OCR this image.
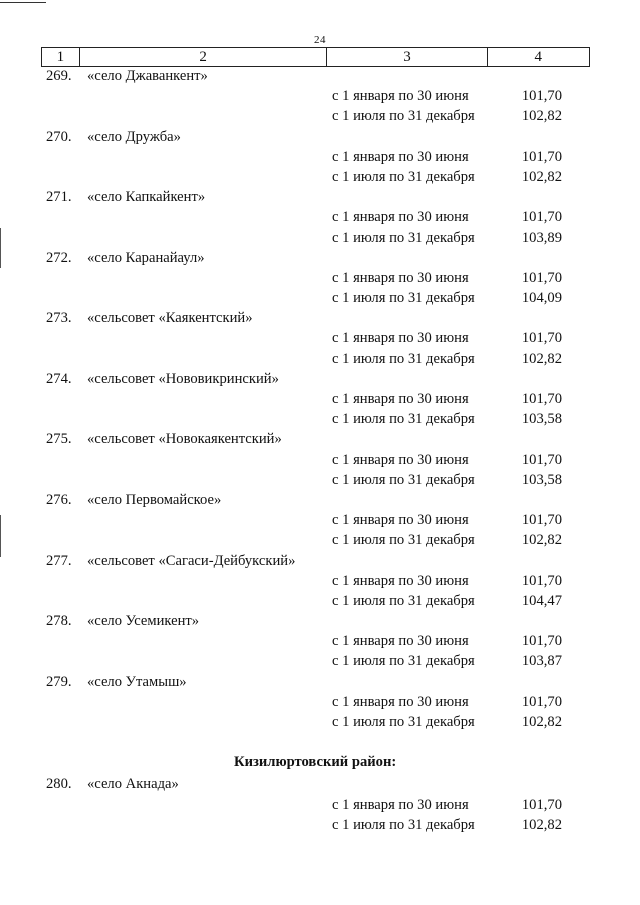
24
1	2	3	4
269. «село Джаванкент»
с 1 января по 30 июня	101,70
с 1 июля по 31 декабря	102,82
270. «село Дружба»
с 1 января по 30 июня	101,70
с 1 июля по 31 декабря	102,82
271. «село Капкайкент»
с 1 января по 30 июня	101,70
с 1 июля по 31 декабря	103,89
272. «село Каранайаул»
с 1 января по 30 июня	101,70
с 1 июля по 31 декабря	104,09
273. «сельсовет «Каякентский»
с 1 января по 30 июня	101,70
с 1 июля по 31 декабря	102,82
274. «сельсовет «Нововикринский»
с 1 января по 30 июня	101,70
с 1 июля по 31 декабря	103,58
275. «сельсовет «Новокаякентский»
с 1 января по 30 июня	101,70
с 1 июля по 31 декабря	103,58
276. «село Первомайское»
с 1 января по 30 июня	101,70
с 1 июля по 31 декабря	102,82
277. «сельсовет «Сагаси-Дейбукский»
с 1 января по 30 июня	101,70
с 1 июля по 31 декабря	104,47
278. «село Усемикент»
с 1 января по 30 июня	101,70
с 1 июля по 31 декабря	103,87
279. «село Утамыш»
с 1 января по 30 июня	101,70
с 1 июля по 31 декабря	102,82
Кизилюртовский район:
280. «село Акнада»
с 1 января по 30 июня	101,70
с 1 июля по 31 декабря	102,82
